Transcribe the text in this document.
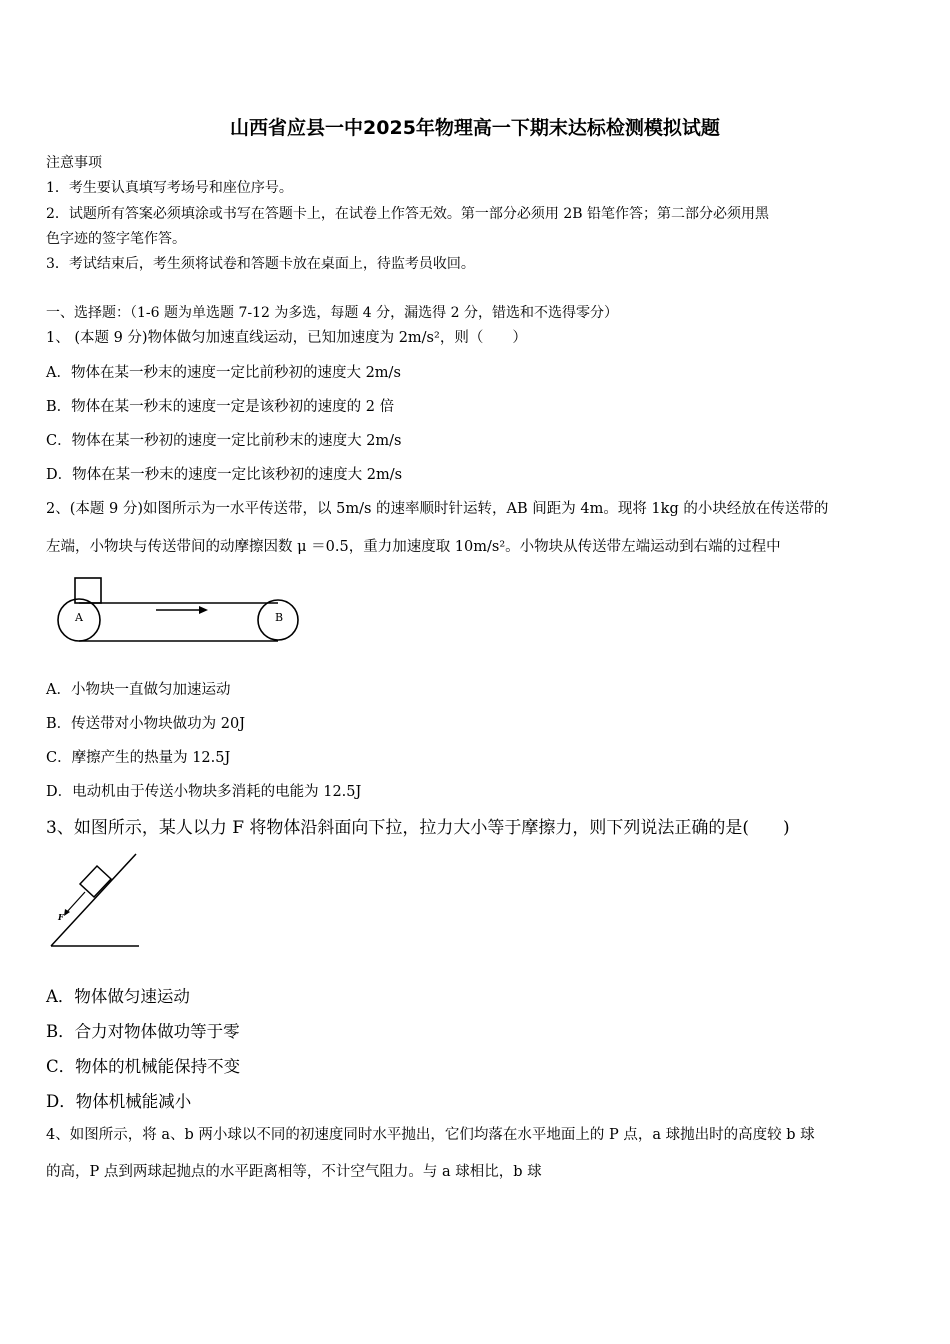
山西省应县一中2025年物理高一下期末达标检测模拟试题
注意事项
1．考生要认真填写考场号和座位序号。
2．试题所有答案必须填涂或书写在答题卡上，在试卷上作答无效。第一部分必须用 2B 铅笔作答；第二部分必须用黑
色字迹的签字笔作答。
3．考试结束后，考生须将试卷和答题卡放在桌面上，待监考员收回。
一、选择题：（1-6 题为单选题 7-12 为多选，每题 4 分，漏选得 2 分，错选和不选得零分）
1、 (本题 9 分)物体做匀加速直线运动，已知加速度为 2m/s²，则（　　）
A．物体在某一秒末的速度一定比前秒初的速度大 2m/s
B．物体在某一秒末的速度一定是该秒初的速度的 2 倍
C．物体在某一秒初的速度一定比前秒末的速度大 2m/s
D．物体在某一秒末的速度一定比该秒初的速度大 2m/s
2、(本题 9 分)如图所示为一水平传送带，以 5m/s 的速率顺时针运转，AB 间距为 4m。现将 1kg 的小块经放在传送带的
左端，小物块与传送带间的动摩擦因数 μ ＝0.5，重力加速度取 10m/s²。小物块从传送带左端运动到右端的过程中
A	B
A．小物块一直做匀加速运动
B．传送带对小物块做功为 20J
C．摩擦产生的热量为 12.5J
D．电动机由于传送小物块多消耗的电能为 12.5J
3、如图所示，某人以力 F 将物体沿斜面向下拉，拉力大小等于摩擦力，则下列说法正确的是(　　)
F
A．物体做匀速运动
B．合力对物体做功等于零
C．物体的机械能保持不变
D．物体机械能减小
4、如图所示，将 a、b 两小球以不同的初速度同时水平抛出，它们均落在水平地面上的 P 点，a 球抛出时的高度较 b 球
的高，P 点到两球起抛点的水平距离相等，不计空气阻力。与 a 球相比，b 球
